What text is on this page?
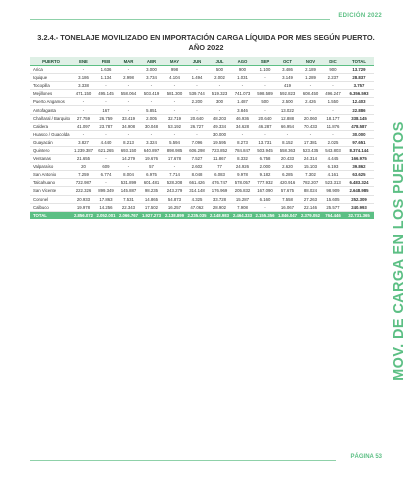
EDICIÓN 2022
3.2.4.- TONELAJE MOVILIZADO EN IMPORTACIÓN CARGA LÍQUIDA POR MES SEGÚN PUERTO.
AÑO 2022
PUERTO	ENE	FEB	MAR	ABR	MAY	JUN	JUL	AGO	SEP	OCT	NOV	DIC	TOTAL
Arica	-	1.636	-	3.000	998	-	500	900	1.100	3.486	2.189	900	13.729
Iquique	3.186	1.134	2.998	3.734	4.104	1.494	2.002	1.031	-	3.149	1.289	2.237	28.837
Tocopilla	3.338	-	-	-	-	-	-	-	-	419	-	-	3.757
Mejillones	471.150	495.145	558.064	503.419	581.300	539.744	519.323	741.073	598.589	592.823	608.450	496.247	6.356.593
Puerto Angamos	-	-	-	-	-	2.200	300	1.487	500	2.500	2.426	1.550	12.403
Antofagasta	-	167	-	5.851	-	-	-	3.846	-	13.022	-	-	22.886
Chañaral / Barquito	27.759	26.759	33.419	2.005	32.719	20.640	48.203	46.936	20.640	12.888	20.060	18.177	338.145
Caldera	41.097	23.787	34.908	30.048	53.192	26.727	49.334	34.628	46.287	66.954	70.433	11.876	478.587
Huasco / Guacolda	-	-	-	-	-	-	30.000	-	-	-	-	-	30.000
Guayacán	3.827	4.440	8.213	3.324	5.594	7.096	19.595	8.273	13.731	8.152	17.381	2.025	97.651
Quintero	1.239.387	621.265	693.150	640.897	898.985	606.298	723.852	784.847	503.945	558.363	523.435	543.803	8.374.144
Ventanas	21.655	-	14.279	19.676	17.678	7.527	11.867	8.332	6.758	20.433	24.314	4.445	166.975
Valparaíso	20	609	-	57	-	2.602	77	24.926	2.000	2.620	15.103	6.193	39.862
San Antonio	7.259	6.774	8.004	6.975	7.714	8.048	6.083	9.978	9.182	6.285	7.302	4.161	63.625
Talcahuano	722.987	-	531.899	601.481	528.208	661.426	476.747	578.057	777.932	420.916	782.207	523.313	6.483.324
San Vicente	222.326	899.349	145.887	98.235	243.279	314.148	176.969	205.832	167.090	57.675	88.024	98.909	2.648.985
Coronel	20.933	17.863	7.531	14.865	54.873	4.325	33.728	15.287	6.160	7.558	27.263	15.605	252.309
Calbuco	19.978	14.256	22.343	17.502	16.257	47.062	28.902	7.908	-	16.067	22.146	25.577	240.993
TOTAL	2.856.072	2.052.001	2.066.767	1.927.273	2.138.899	2.235.035	2.148.983	2.464.333	2.155.356	1.846.047	2.379.052	764.446	32.731.365 MOV. DE CARGA EN LOS PUERTOS
PÁGINA 53
